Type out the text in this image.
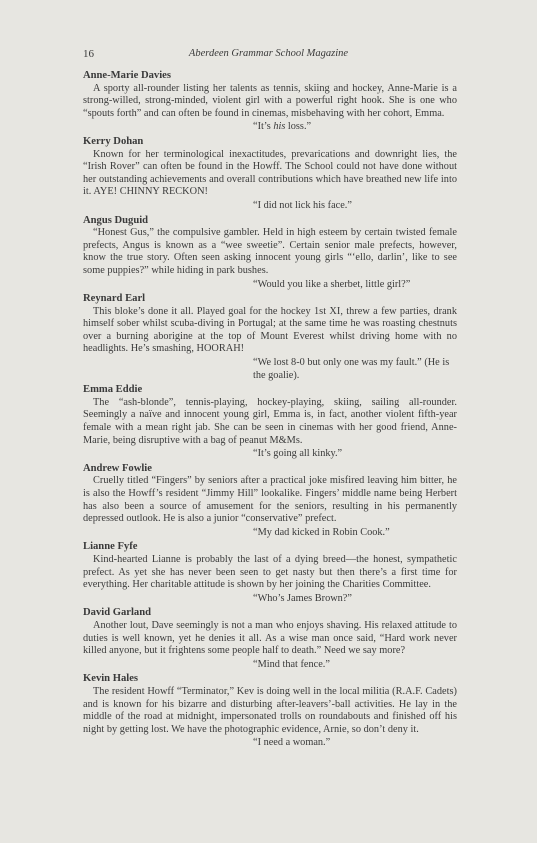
16	Aberdeen Grammar School Magazine

Anne-Marie Davies

A sporty all-rounder listing her talents as tennis, skiing and hockey, Anne-Marie is a strong-willed, strong-minded, violent girl with a powerful right hook. She is one who “spouts forth” and can often be found in cinemas, misbehaving with her cohort, Emma.

“It’s his loss.”

Kerry Dohan

Known for her terminological inexactitudes, prevarications and downright lies, the “Irish Rover” can often be found in the Howff. The School could not have done without her outstanding achievements and overall contributions which have breathed new life into it. AYE! CHINNY RECKON!

“I did not lick his face.”

Angus Duguid

“Honest Gus,” the compulsive gambler. Held in high esteem by certain twisted female prefects, Angus is known as a “wee sweetie”. Certain senior male prefects, however, know the true story. Often seen asking innocent young girls “‘ello, darlin’, like to see some puppies?” while hiding in park bushes.

“Would you like a sherbet, little girl?”

Reynard Earl

This bloke’s done it all. Played goal for the hockey 1st XI, threw a few parties, drank himself sober whilst scuba-diving in Portugal; at the same time he was roasting chestnuts over a burning aborigine at the top of Mount Everest whilst driving home with no headlights. He’s smashing, HOORAH!

“We lost 8-0 but only one was my fault.” (He is the goalie).

Emma Eddie

The “ash-blonde”, tennis-playing, hockey-playing, skiing, sailing all-rounder. Seemingly a naïve and innocent young girl, Emma is, in fact, another violent fifth-year female with a mean right jab. She can be seen in cinemas with her good friend, Anne-Marie, being disruptive with a bag of peanut M&Ms.

“It’s going all kinky.”

Andrew Fowlie

Cruelly titled “Fingers” by seniors after a practical joke misfired leaving him bitter, he is also the Howff’s resident “Jimmy Hill” lookalike. Fingers’ middle name being Herbert has also been a source of amusement for the seniors, resulting in his permanently depressed outlook. He is also a junior “conservative” prefect.

“My dad kicked in Robin Cook.”

Lianne Fyfe

Kind-hearted Lianne is probably the last of a dying breed—the honest, sympathetic prefect. As yet she has never been seen to get nasty but then there’s a first time for everything. Her charitable attitude is shown by her joining the Charities Committee.

“Who’s James Brown?”

David Garland

Another lout, Dave seemingly is not a man who enjoys shaving. His relaxed attitude to duties is well known, yet he denies it all. As a wise man once said, “Hard work never killed anyone, but it frightens some people half to death.” Need we say more?

“Mind that fence.”

Kevin Hales

The resident Howff “Terminator,” Kev is doing well in the local militia (R.A.F. Cadets) and is known for his bizarre and disturbing after-leavers’-ball activities. He lay in the middle of the road at midnight, impersonated trolls on roundabouts and finished off his night by getting lost. We have the photographic evidence, Arnie, so don’t deny it.

“I need a woman.”
